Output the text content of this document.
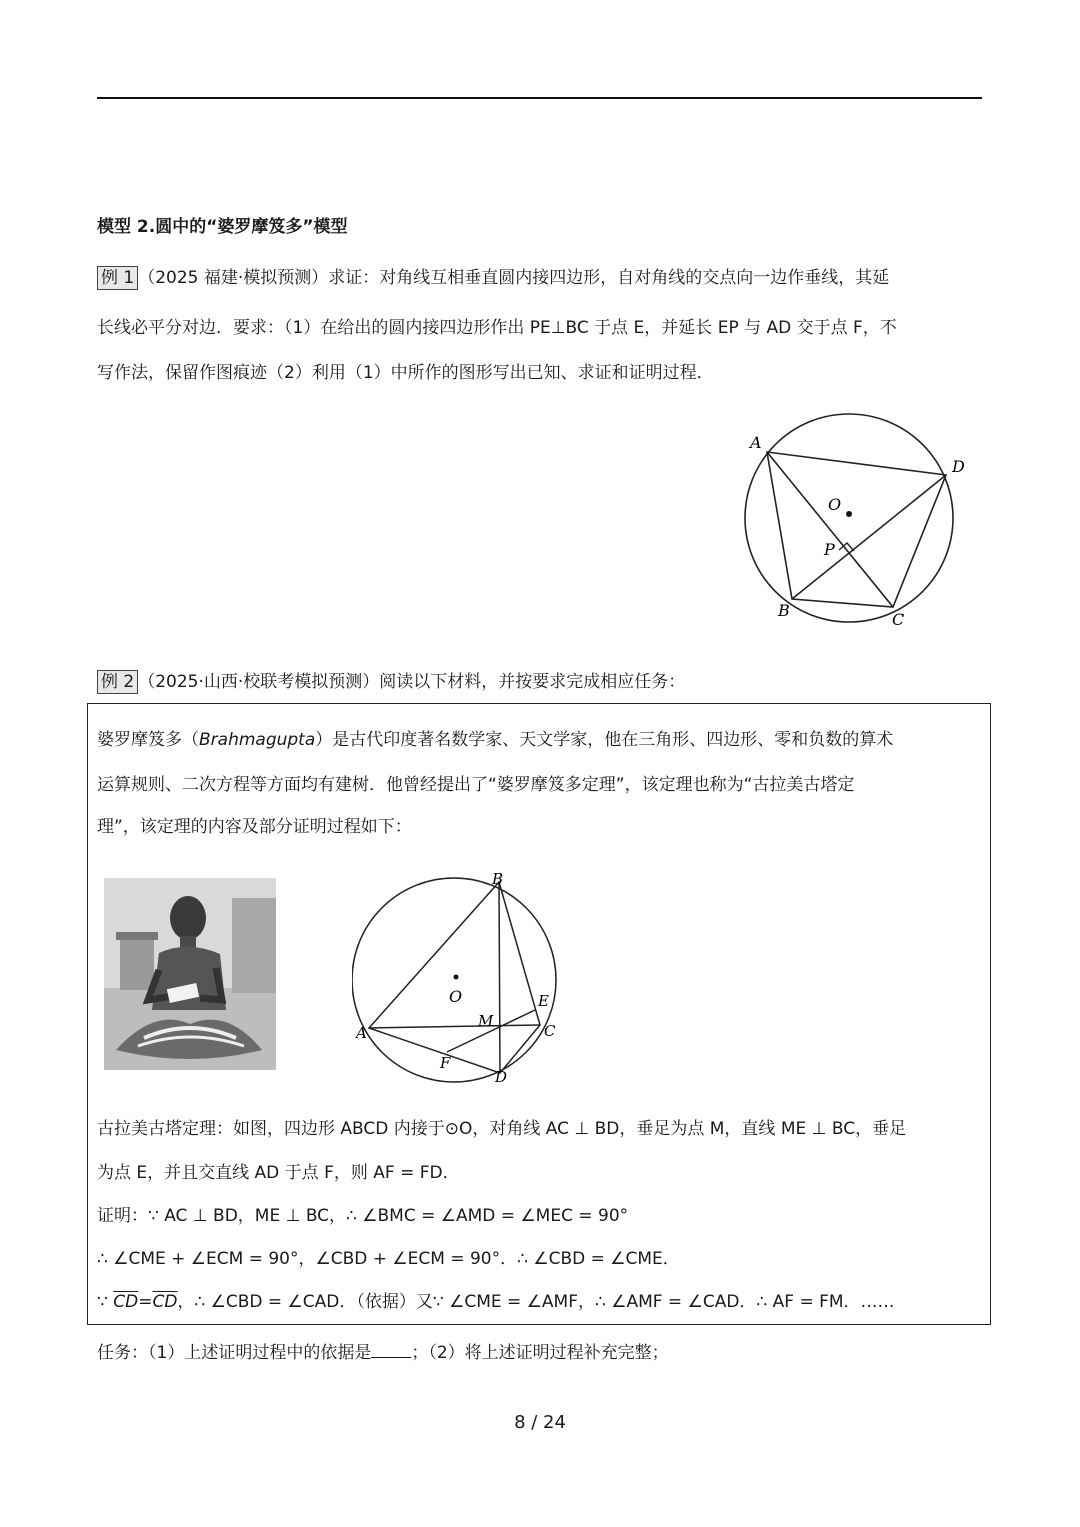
模型 2.圆中的“婆罗摩笈多”模型
例 1 （2025 福建·模拟预测）求证：对角线互相垂直圆内接四边形，自对角线的交点向一边作垂线，其延
长线必平分对边．要求：（1）在给出的圆内接四边形作出 PE⊥BC 于点 E，并延长 EP 与 AD 交于点 F，不
写作法，保留作图痕迹（2）利用（1）中所作的图形写出已知、求证和证明过程．
A
D
O
P
B	C
例 2 （2025·山西·校联考模拟预测）阅读以下材料，并按要求完成相应任务：
婆罗摩笈多（Brahmagupta）是古代印度著名数学家、天文学家，他在三角形、四边形、零和负数的算术
运算规则、二次方程等方面均有建树．他曾经提出了“婆罗摩笈多定理”，该定理也称为“古拉美古塔定
理”，该定理的内容及部分证明过程如下：
B
O	E
M
C
A
F
D
古拉美古塔定理：如图，四边形 ABCD 内接于⊙O，对角线 AC ⊥ BD，垂足为点 M，直线 ME ⊥ BC，垂足
为点 E，并且交直线 AD 于点 F，则 AF = FD．
证明：∵ AC ⊥ BD，ME ⊥ BC，∴ ∠BMC = ∠AMD = ∠MEC = 90°
∴ ∠CME + ∠ECM = 90°，∠CBD + ∠ECM = 90°．∴ ∠CBD = ∠CME．
∵ $\overline{CD}=\overline{CD}$，∴ ∠CBD = ∠CAD．（依据）又∵ ∠CME = ∠AMF，∴ ∠AMF = ∠CAD．∴ AF = FM．……
任务：（1）上述证明过程中的依据是 ；（2）将上述证明过程补充完整；
8 / 24
